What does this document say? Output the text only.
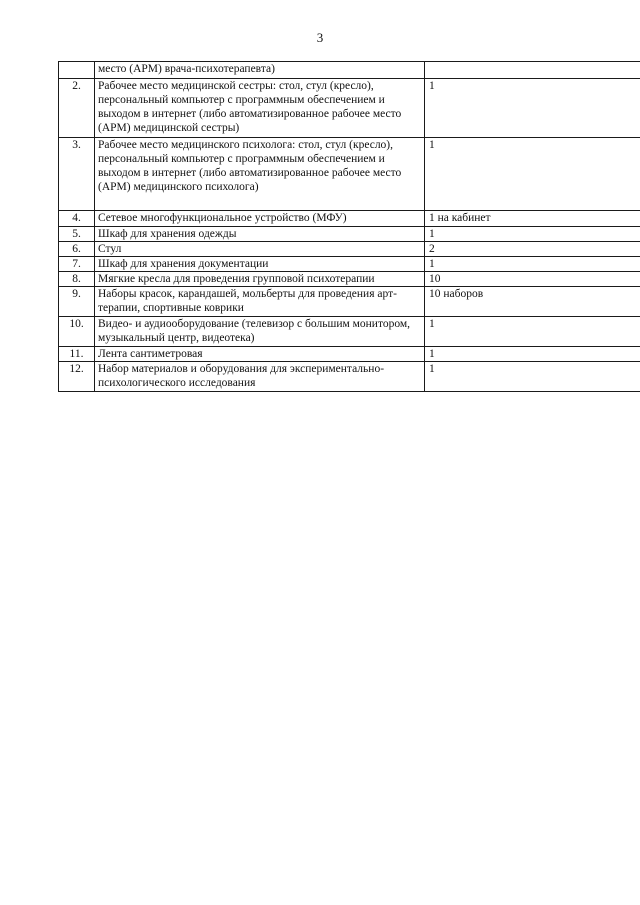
3
	место (АРМ) врача-психотерапевта)	
2.	Рабочее место медицинской сестры: стол, стул (кресло), персональный компьютер с программным обеспечением и выходом в интернет (либо автоматизированное рабочее место (АРМ) медицинской сестры)	1
3.	Рабочее место медицинского психолога: стол, стул (кресло), персональный компьютер с программным обеспечением и выходом в интернет (либо автоматизированное рабочее место (АРМ) медицинского психолога)	1
4.	Сетевое многофункциональное устройство (МФУ)	1 на кабинет
5.	Шкаф для хранения одежды	1
6.	Стул	2
7.	Шкаф для хранения документации	1
8.	Мягкие кресла для проведения групповой психотерапии	10
9.	Наборы красок, карандашей, мольберты для проведения арт-терапии, спортивные коврики	10 наборов
10.	Видео- и аудиооборудование (телевизор с большим монитором, музыкальный центр, видеотека)	1
11.	Лента сантиметровая	1
12.	Набор материалов и оборудования для экспериментально-психологического исследования	1
